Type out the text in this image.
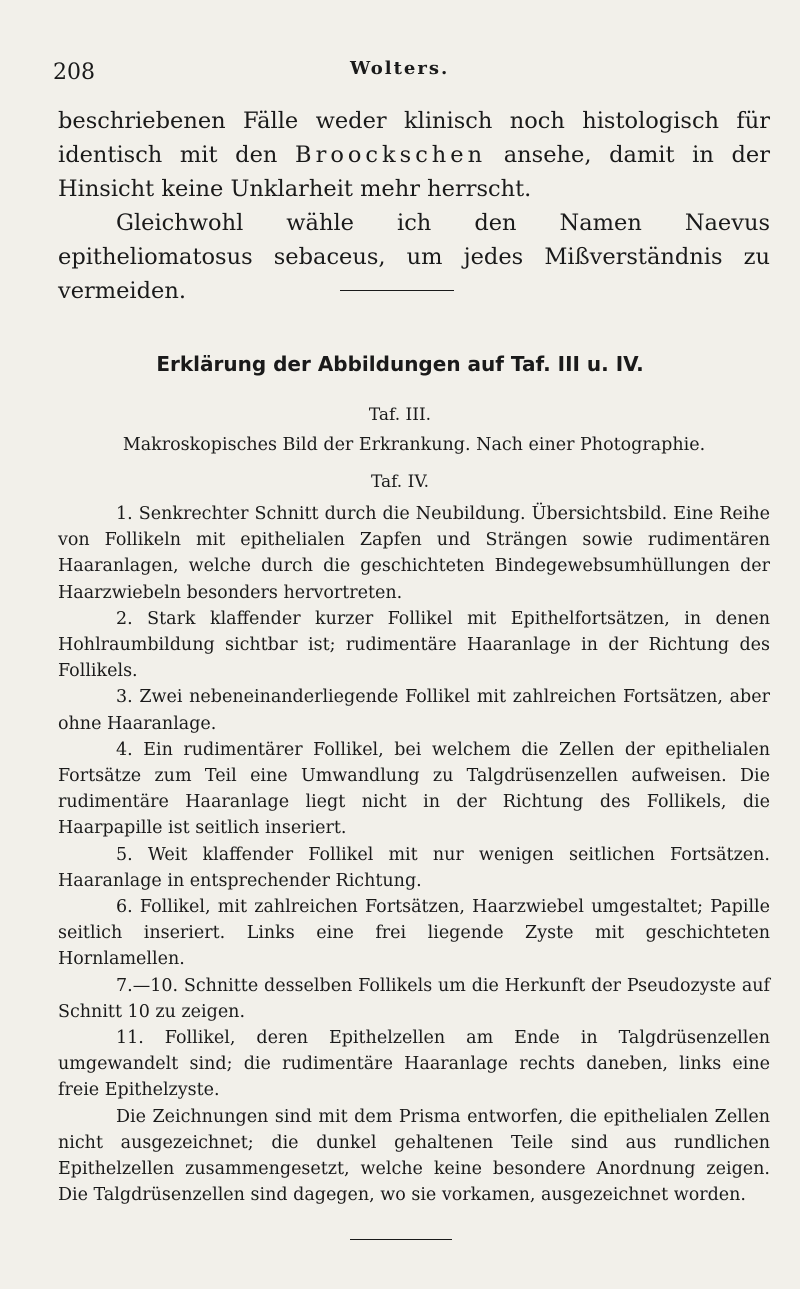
208	Wolters.

beschriebenen Fälle weder klinisch noch histologisch für identisch mit den Broockschen ansehe, damit in der Hinsicht keine Unklarheit mehr herrscht.

Gleichwohl wähle ich den Namen Naevus epitheliomatosus sebaceus, um jedes Mißverständnis zu vermeiden.

Erklärung der Abbildungen auf Taf. III u. IV.
Taf. III.

Makroskopisches Bild der Erkrankung. Nach einer Photographie.

Taf. IV.

1. Senkrechter Schnitt durch die Neubildung. Übersichtsbild. Eine Reihe von Follikeln mit epithelialen Zapfen und Strängen sowie rudimentären Haaranlagen, welche durch die geschichteten Bindegewebsumhüllungen der Haarzwiebeln besonders hervortreten.

2. Stark klaffender kurzer Follikel mit Epithelfortsätzen, in denen Hohlraumbildung sichtbar ist; rudimentäre Haaranlage in der Richtung des Follikels.

3. Zwei nebeneinanderliegende Follikel mit zahlreichen Fortsätzen, aber ohne Haaranlage.

4. Ein rudimentärer Follikel, bei welchem die Zellen der epithelialen Fortsätze zum Teil eine Umwandlung zu Talgdrüsenzellen aufweisen. Die rudimentäre Haaranlage liegt nicht in der Richtung des Follikels, die Haarpapille ist seitlich inseriert.

5. Weit klaffender Follikel mit nur wenigen seitlichen Fortsätzen. Haaranlage in entsprechender Richtung.

6. Follikel, mit zahlreichen Fortsätzen, Haarzwiebel umgestaltet; Papille seitlich inseriert. Links eine frei liegende Zyste mit geschichteten Hornlamellen.

7.—10. Schnitte desselben Follikels um die Herkunft der Pseudozyste auf Schnitt 10 zu zeigen.

11. Follikel, deren Epithelzellen am Ende in Talgdrüsenzellen umgewandelt sind; die rudimentäre Haaranlage rechts daneben, links eine freie Epithelzyste.

Die Zeichnungen sind mit dem Prisma entworfen, die epithelialen Zellen nicht ausgezeichnet; die dunkel gehaltenen Teile sind aus rundlichen Epithelzellen zusammengesetzt, welche keine besondere Anordnung zeigen. Die Talgdrüsenzellen sind dagegen, wo sie vorkamen, ausgezeichnet worden.
